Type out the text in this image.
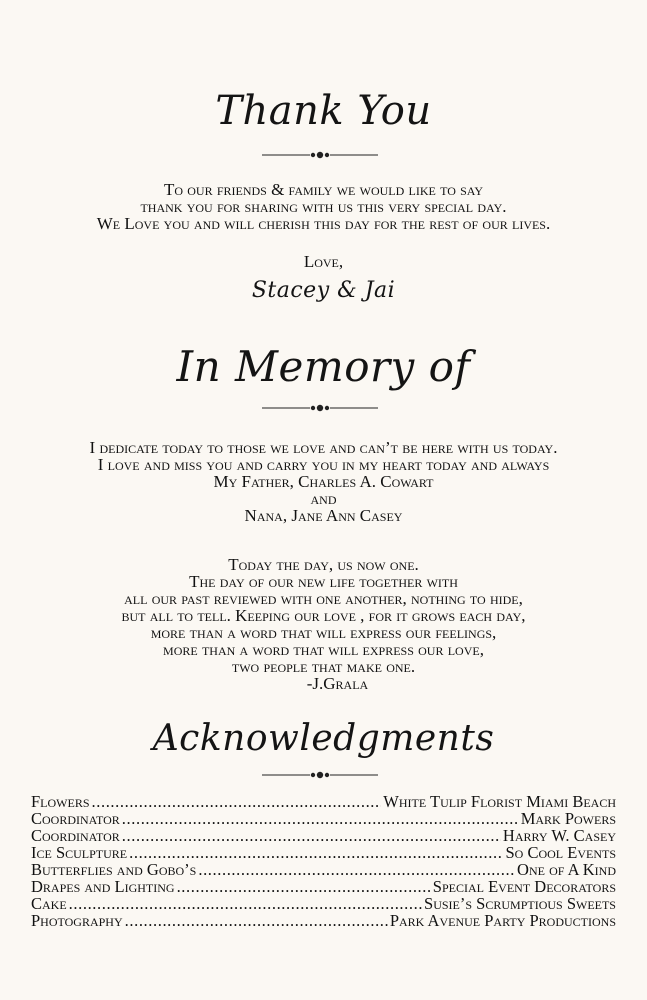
Thank You
To our friends & family we would like to say
thank you for sharing with us this very special day.
We Love you and will cherish this day for the rest of our lives.
Love,
Stacey & Jai
In Memory of
I dedicate today to those we love and can’t be here with us today.
I love and miss you and carry you in my heart today and always
My Father, Charles A. Cowart
and
Nana, Jane Ann Casey
Today the day, us now one.
The day of our new life together with
all our past reviewed with one another, nothing to hide,
but all to tell. Keeping our love , for it grows each day,
more than a word that will express our feelings,
more than a word that will express our love,
two people that make one.
-J.Grala
Acknowledgments
Flowers .....	White Tulip Florist Miami Beach
Coordinator .....	Mark Powers
Coordinator .....	Harry W. Casey
Ice Sculpture .....	So Cool Events
Butterflies and Gobo’s .....	One of A Kind
Drapes and Lighting .....	Special Event Decorators
Cake .....	Susie’s Scrumptious Sweets
Photography .....	Park Avenue Party Productions
